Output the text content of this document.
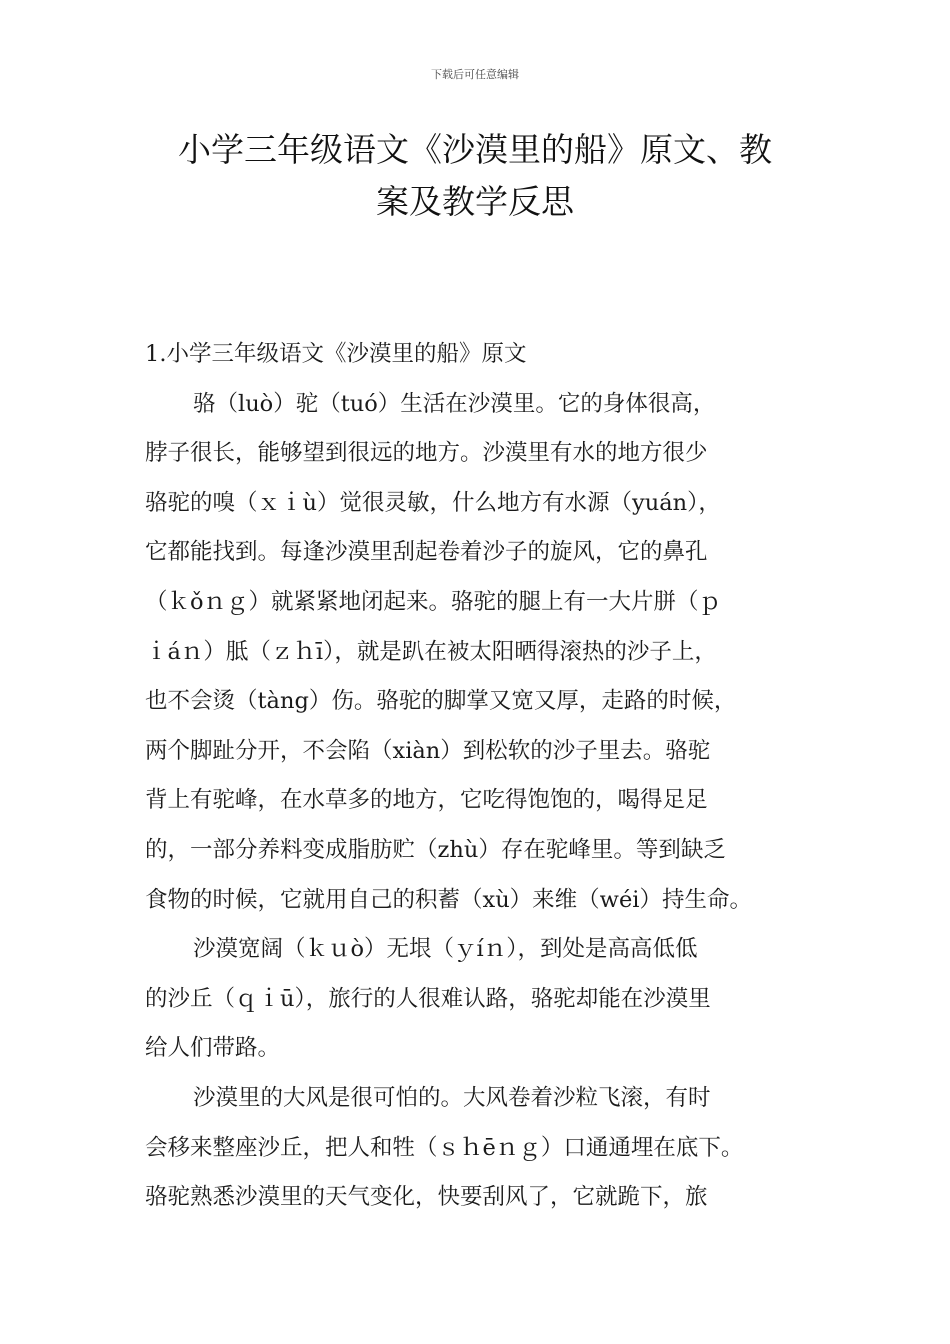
下载后可任意编辑
小学三年级语文《沙漠里的船》原文、教
案及教学反思
1.小学三年级语文《沙漠里的船》原文
骆（luò）驼（tuó）生活在沙漠里。它的身体很高，
脖子很长，能够望到很远的地方。沙漠里有水的地方很少
骆驼的嗅（ｘｉù）觉很灵敏，什么地方有水源（yuán），
它都能找到。每逢沙漠里刮起卷着沙子的旋风，它的鼻孔
（ｋǒｎｇ）就紧紧地闭起来。骆驼的腿上有一大片胼（ｐ
ｉáｎ）胝（ｚｈī），就是趴在被太阳晒得滚热的沙子上，
也不会烫（tàng）伤。骆驼的脚掌又宽又厚，走路的时候，
两个脚趾分开，不会陷（xiàn）到松软的沙子里去。骆驼
背上有驼峰，在水草多的地方，它吃得饱饱的，喝得足足
的，一部分养料变成脂肪贮（zhù）存在驼峰里。等到缺乏
食物的时候，它就用自己的积蓄（xù）来维（wéi）持生命。
沙漠宽阔（ｋｕò）无垠（ｙíｎ），到处是高高低低
的沙丘（ｑｉū），旅行的人很难认路，骆驼却能在沙漠里
给人们带路。
沙漠里的大风是很可怕的。大风卷着沙粒飞滚，有时
会移来整座沙丘，把人和牲（ｓｈēｎｇ）口通通埋在底下。
骆驼熟悉沙漠里的天气变化，快要刮风了，它就跪下，旅
